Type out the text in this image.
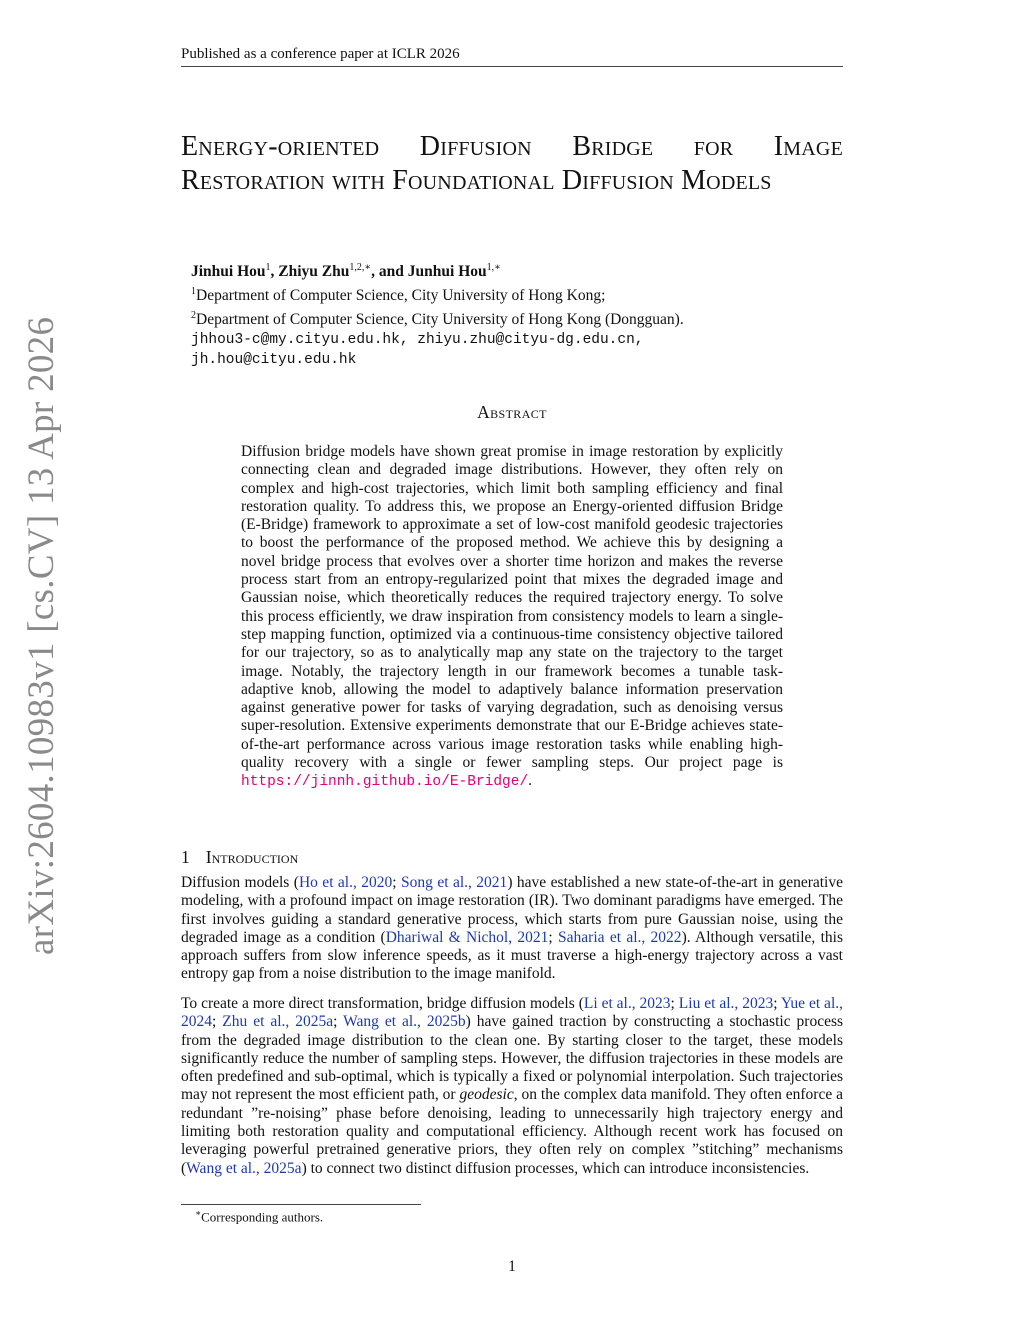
Published as a conference paper at ICLR 2026
arXiv:2604.10983v1 [cs.CV] 13 Apr 2026
Energy-oriented Diffusion Bridge for Image Restoration with Foundational Diffusion Models
Jinhui Hou$^1$, Zhiyu Zhu$^{1,2,∗}$, and Junhui Hou$^{1,∗}$
$^1$Department of Computer Science, City University of Hong Kong;
$^2$Department of Computer Science, City University of Hong Kong (Dongguan).
jhhou3-c@my.cityu.edu.hk, zhiyu.zhu@cityu-dg.edu.cn,
jh.hou@cityu.edu.hk
Abstract
Diffusion bridge models have shown great promise in image restoration by explicitly connecting clean and degraded image distributions. However, they often rely on complex and high-cost trajectories, which limit both sampling efficiency and final restoration quality. To address this, we propose an Energy-oriented diffusion Bridge (E-Bridge) framework to approximate a set of low-cost manifold geodesic trajectories to boost the performance of the proposed method. We achieve this by designing a novel bridge process that evolves over a shorter time horizon and makes the reverse process start from an entropy-regularized point that mixes the degraded image and Gaussian noise, which theoretically reduces the required trajectory energy. To solve this process efficiently, we draw inspiration from consistency models to learn a single-step mapping function, optimized via a continuous-time consistency objective tailored for our trajectory, so as to analytically map any state on the trajectory to the target image. Notably, the trajectory length in our framework becomes a tunable task-adaptive knob, allowing the model to adaptively balance information preservation against generative power for tasks of varying degradation, such as denoising versus super-resolution. Extensive experiments demonstrate that our E-Bridge achieves state-of-the-art performance across various image restoration tasks while enabling high-quality recovery with a single or fewer sampling steps. Our project page is https://jinnh.github.io/E-Bridge/.
1 Introduction
Diffusion models (Ho et al., 2020; Song et al., 2021) have established a new state-of-the-art in generative modeling, with a profound impact on image restoration (IR). Two dominant paradigms have emerged. The first involves guiding a standard generative process, which starts from pure Gaussian noise, using the degraded image as a condition (Dhariwal & Nichol, 2021; Saharia et al., 2022). Although versatile, this approach suffers from slow inference speeds, as it must traverse a high-energy trajectory across a vast entropy gap from a noise distribution to the image manifold.
To create a more direct transformation, bridge diffusion models (Li et al., 2023; Liu et al., 2023; Yue et al., 2024; Zhu et al., 2025a; Wang et al., 2025b) have gained traction by constructing a stochastic process from the degraded image distribution to the clean one. By starting closer to the target, these models significantly reduce the number of sampling steps. However, the diffusion trajectories in these models are often predefined and sub-optimal, which is typically a fixed or polynomial interpolation. Such trajectories may not represent the most efficient path, or geodesic, on the complex data manifold. They often enforce a redundant ”re-noising” phase before denoising, leading to unnecessarily high trajectory energy and limiting both restoration quality and computational efficiency. Although recent work has focused on leveraging powerful pretrained generative priors, they often rely on complex ”stitching” mechanisms (Wang et al., 2025a) to connect two distinct diffusion processes, which can introduce inconsistencies.
∗Corresponding authors.
1
